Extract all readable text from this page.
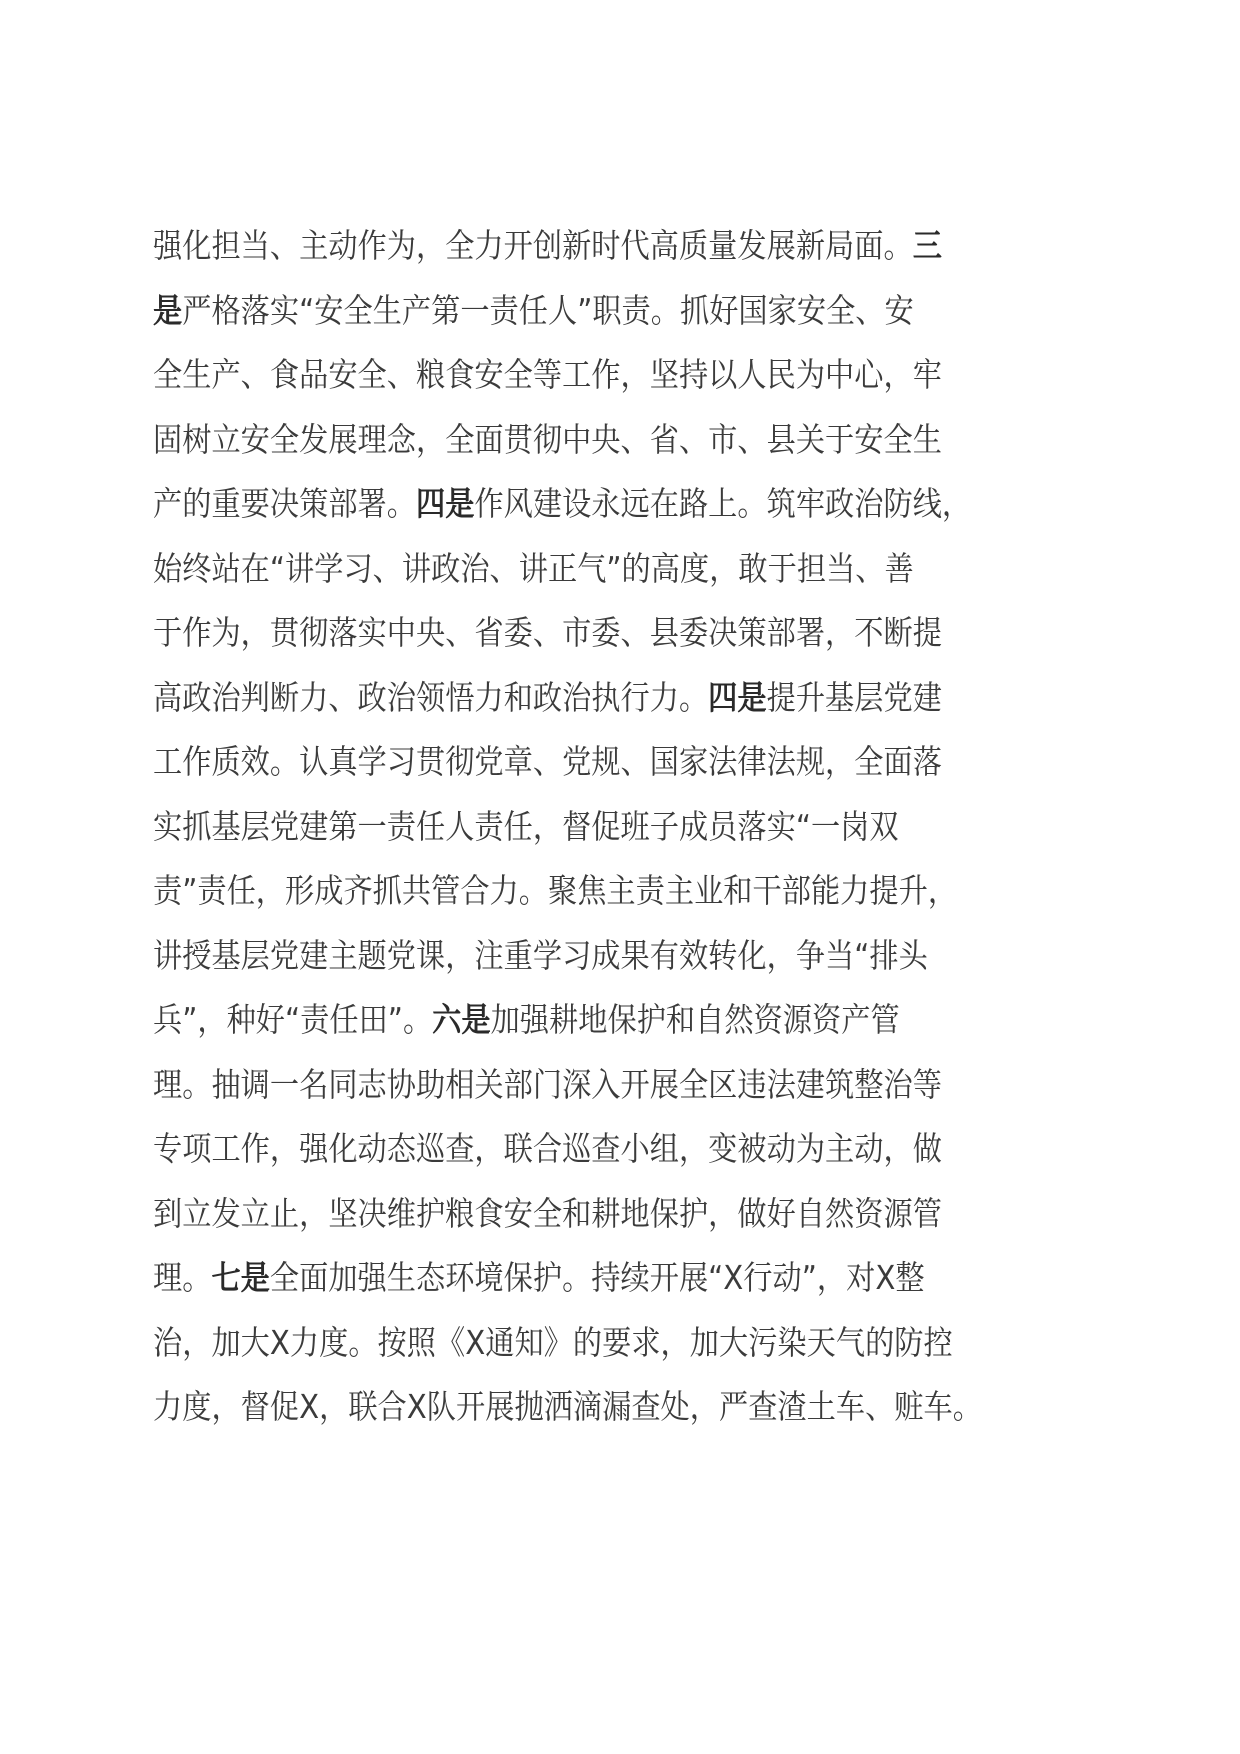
强化担当、主动作为，全力开创新时代高质量发展新局面。三
是严格落实“安全生产第一责任人”职责。抓好国家安全、安
全生产、食品安全、粮食安全等工作，坚持以人民为中心，牢
固树立安全发展理念，全面贯彻中央、省、市、县关于安全生
产的重要决策部署。四是作风建设永远在路上。筑牢政治防线，
始终站在“讲学习、讲政治、讲正气”的高度，敢于担当、善
于作为，贯彻落实中央、省委、市委、县委决策部署，不断提
高政治判断力、政治领悟力和政治执行力。四是提升基层党建
工作质效。认真学习贯彻党章、党规、国家法律法规，全面落
实抓基层党建第一责任人责任，督促班子成员落实“一岗双
责”责任，形成齐抓共管合力。聚焦主责主业和干部能力提升，
讲授基层党建主题党课，注重学习成果有效转化，争当“排头
兵”，种好“责任田”。六是加强耕地保护和自然资源资产管
理。抽调一名同志协助相关部门深入开展全区违法建筑整治等
专项工作，强化动态巡查，联合巡查小组，变被动为主动，做
到立发立止，坚决维护粮食安全和耕地保护，做好自然资源管
理。七是全面加强生态环境保护。持续开展“X行动”，对X整
治，加大X力度。按照《X通知》的要求，加大污染天气的防控
力度，督促X，联合X队开展抛洒滴漏查处，严查渣土车、赃车。
